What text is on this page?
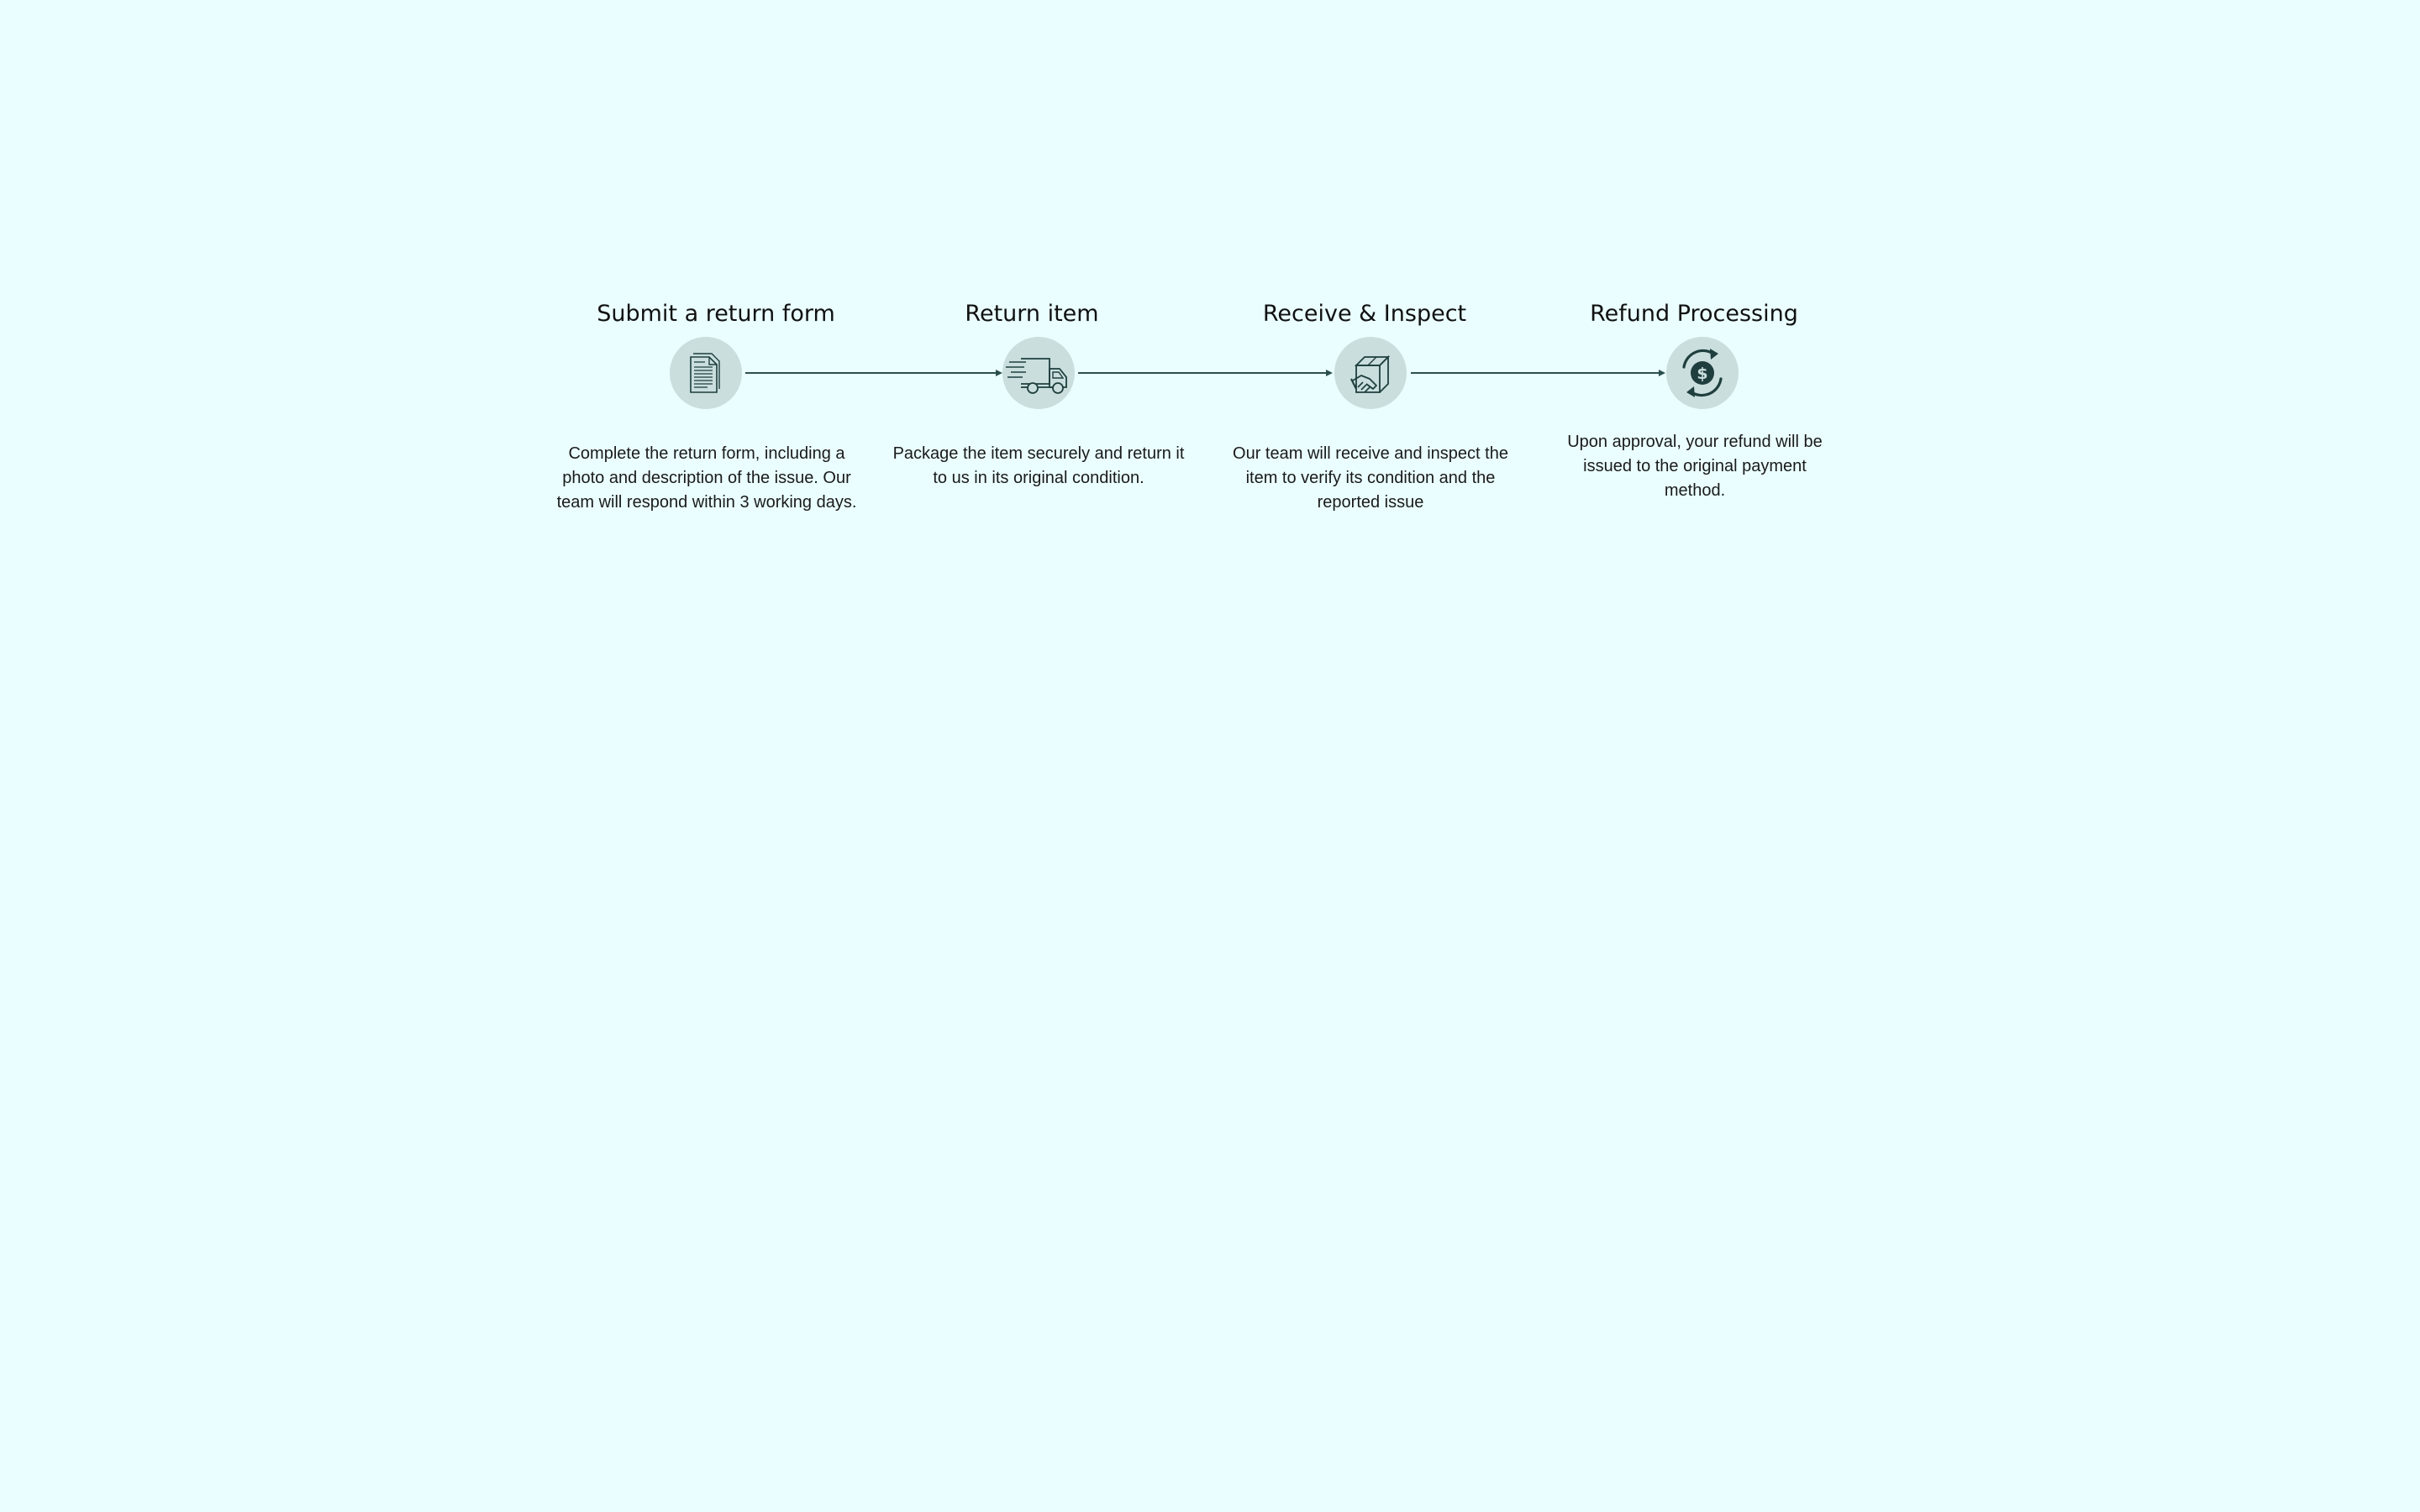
Submit a return form
Complete the return form, including a photo and description of the issue. Our team will respond within 3 working days.
Return item
Package the item securely and return it to us in its original condition.
Receive & Inspect
Our team will receive and inspect the item to verify its condition and the reported issue
Refund Processing
$
Upon approval, your refund will be issued to the original payment method.
